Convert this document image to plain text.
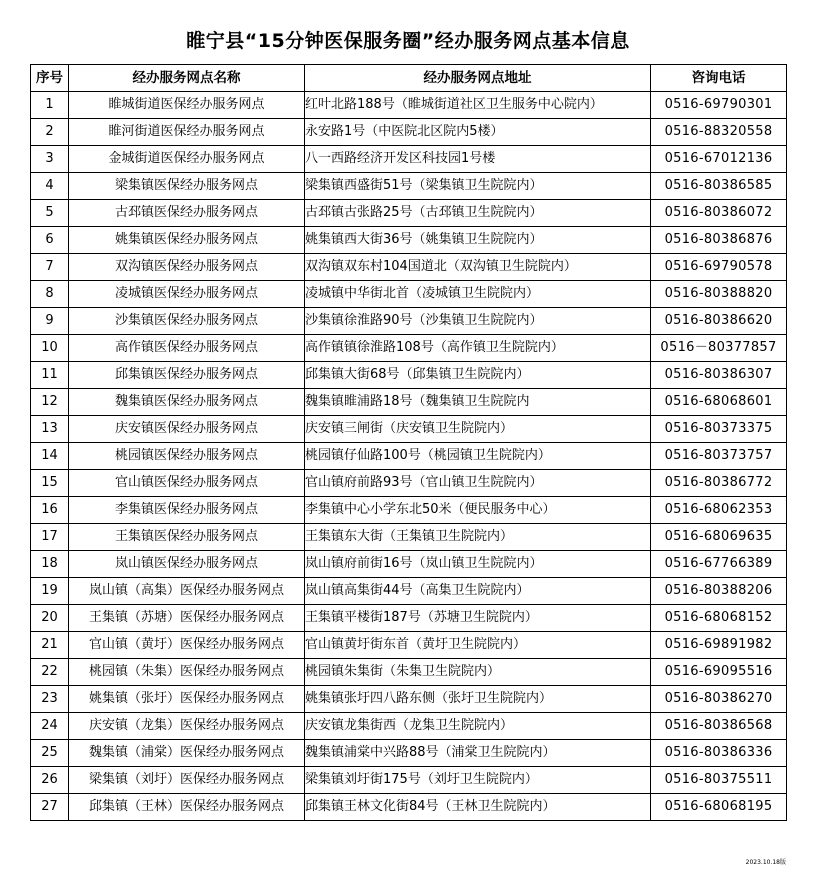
睢宁县“15分钟医保服务圈”经办服务网点基本信息
序号	经办服务网点名称	经办服务网点地址	咨询电话
1	睢城街道医保经办服务网点	红叶北路188号（睢城街道社区卫生服务中心院内）	0516-69790301
2	睢河街道医保经办服务网点	永安路1号（中医院北区院内5楼）	0516-88320558
3	金城街道医保经办服务网点	八一西路经济开发区科技园1号楼	0516-67012136
4	梁集镇医保经办服务网点	梁集镇西盛街51号（梁集镇卫生院院内）	0516-80386585
5	古邳镇医保经办服务网点	古邳镇古张路25号（古邳镇卫生院院内）	0516-80386072
6	姚集镇医保经办服务网点	姚集镇西大街36号（姚集镇卫生院院内）	0516-80386876
7	双沟镇医保经办服务网点	双沟镇双东村104国道北（双沟镇卫生院院内）	0516-69790578
8	凌城镇医保经办服务网点	凌城镇中华街北首（凌城镇卫生院院内）	0516-80388820
9	沙集镇医保经办服务网点	沙集镇徐淮路90号（沙集镇卫生院院内）	0516-80386620
10	高作镇医保经办服务网点	高作镇镇徐淮路108号（高作镇卫生院院内）	0516－80377857
11	邱集镇医保经办服务网点	邱集镇大街68号（邱集镇卫生院院内）	0516-80386307
12	魏集镇医保经办服务网点	魏集镇睢浦路18号（魏集镇卫生院院内	0516-68068601
13	庆安镇医保经办服务网点	庆安镇三闸街（庆安镇卫生院院内）	0516-80373375
14	桃园镇医保经办服务网点	桃园镇仔仙路100号（桃园镇卫生院院内）	0516-80373757
15	官山镇医保经办服务网点	官山镇府前路93号（官山镇卫生院院内）	0516-80386772
16	李集镇医保经办服务网点	李集镇中心小学东北50米（便民服务中心）	0516-68062353
17	王集镇医保经办服务网点	王集镇东大街（王集镇卫生院院内）	0516-68069635
18	岚山镇医保经办服务网点	岚山镇府前街16号（岚山镇卫生院院内）	0516-67766389
19	岚山镇（高集）医保经办服务网点	岚山镇高集街44号（高集卫生院院内）	0516-80388206
20	王集镇（苏塘）医保经办服务网点	王集镇平楼街187号（苏塘卫生院院内）	0516-68068152
21	官山镇（黄圩）医保经办服务网点	官山镇黄圩街东首（黄圩卫生院院内）	0516-69891982
22	桃园镇（朱集）医保经办服务网点	桃园镇朱集街（朱集卫生院院内）	0516-69095516
23	姚集镇（张圩）医保经办服务网点	姚集镇张圩四八路东侧（张圩卫生院院内）	0516-80386270
24	庆安镇（龙集）医保经办服务网点	庆安镇龙集街西（龙集卫生院院内）	0516-80386568
25	魏集镇（浦棠）医保经办服务网点	魏集镇浦棠中兴路88号（浦棠卫生院院内）	0516-80386336
26	梁集镇（刘圩）医保经办服务网点	梁集镇刘圩街175号（刘圩卫生院院内）	0516-80375511
27	邱集镇（王林）医保经办服务网点	邱集镇王林文化街84号（王林卫生院院内）	0516-68068195
2023.10.18版
